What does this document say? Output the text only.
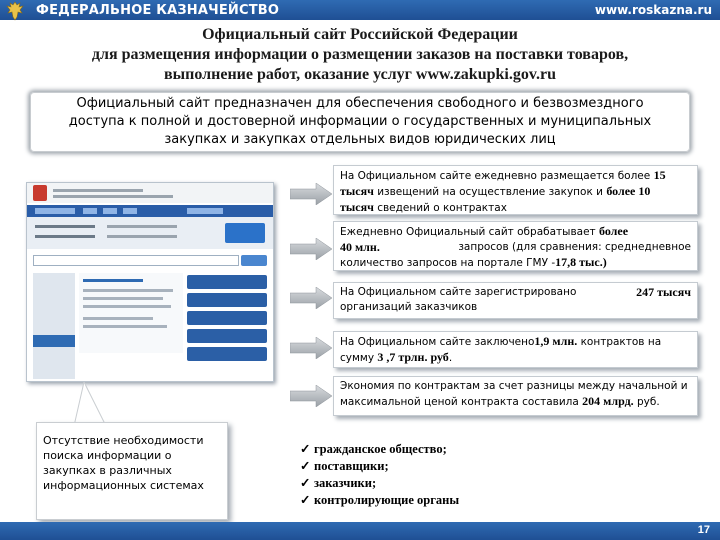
ФЕДЕРАЛЬНОЕ КАЗНАЧЕЙСТВО	www.roskazna.ru
Официальный сайт Российской Федерации
для размещения информации о размещении заказов на поставки товаров,
выполнение работ, оказание услуг www.zakupki.gov.ru
Официальный сайт предназначен для обеспечения свободного и безвозмездного
доступа к полной и достоверной информации о государственных и муниципальных
закупках и закупках отдельных видов юридических лиц
Отсутствие необходимости
поиска информации о
закупках в различных
информационных системах
На Официальном сайте ежедневно размещается более 15
тысяч извещений на осуществление закупок и более 10
тысяч сведений о контрактах
Ежедневно Официальный сайт обрабатывает более
40 млн.	запросов (для сравнения: среднедневное
количество запросов на портале ГМУ -17,8 тыс.)
На Официальном сайте зарегистрировано	247 тысяч
организаций заказчиков
На Официальном сайте заключено1,9 млн. контрактов на
сумму 3 ,7 трлн. руб.
Экономия по контрактам за счет разницы между начальной и
максимальной ценой контракта составила 204 млрд. руб.
✓ гражданское общество;
✓ поставщики;
✓ заказчики;
✓ контролирующие органы
17
